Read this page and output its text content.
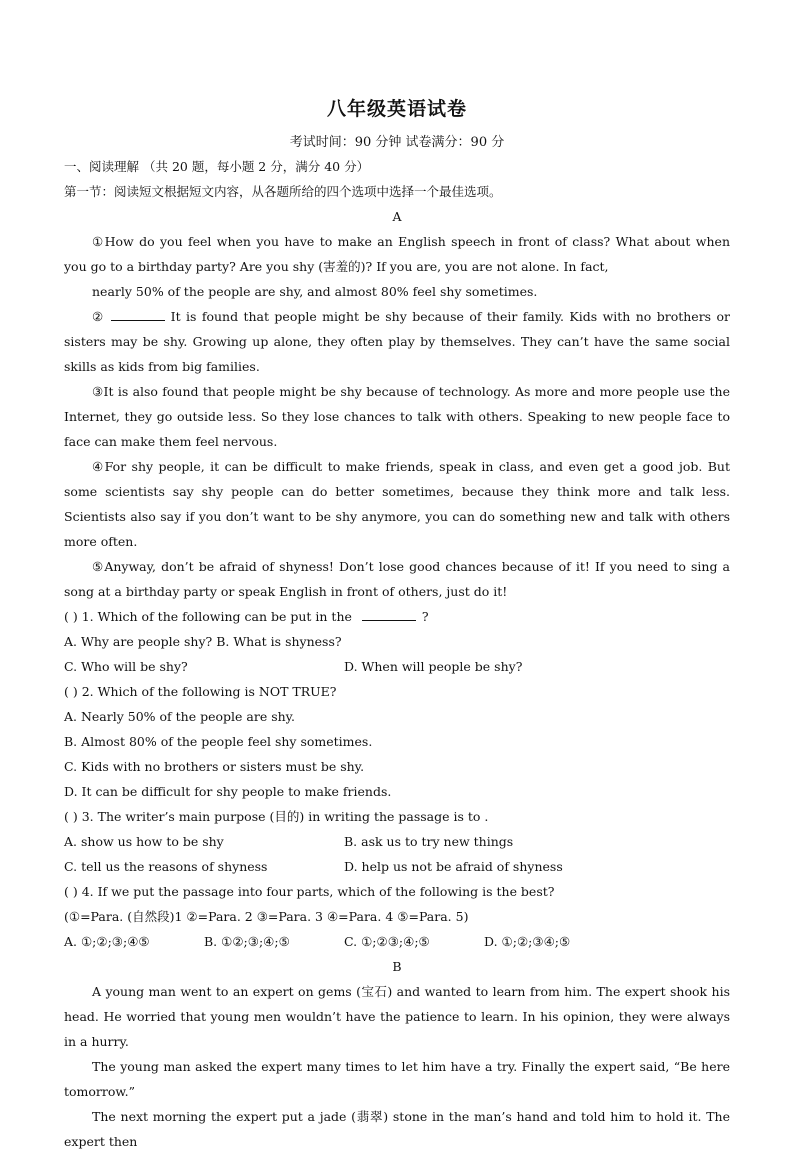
八年级英语试卷
考试时间：90 分钟 试卷满分：90 分

一、阅读理解 （共 20 题，每小题 2 分，满分 40 分）

第一节：阅读短文根据短文内容，从各题所给的四个选项中选择一个最佳选项。

A

①How do you feel when you have to make an English speech in front of class? What about when you go to a birthday party? Are you shy (害羞的)? If you are, you are not alone. In fact,

nearly 50% of the people are shy, and almost 80% feel shy sometimes.

②	It is found that people might be shy because of their family. Kids with no brothers or sisters may be shy. Growing up alone, they often play by themselves. They can’t have the same social skills as kids from big families.

③It is also found that people might be shy because of technology. As more and more people use the Internet, they go outside less. So they lose chances to talk with others. Speaking to new people face to face can make them feel nervous.

④For shy people, it can be difficult to make friends, speak in class, and even get a good job. But some scientists say shy people can do better sometimes, because they think more and talk less. Scientists also say if you don’t want to be shy anymore, you can do something new and talk with others more often.

⑤Anyway, don’t be afraid of shyness! Don’t lose good chances because of it! If you need to sing a song at a birthday party or speak English in front of others, just do it!

( ) 1. Which of the following can be put in the	?

A. Why are people shy? B. What is shyness?

C. Who will be shy?	D. When will people be shy?

( ) 2. Which of the following is NOT TRUE?

A. Nearly 50% of the people are shy.

B. Almost 80% of the people feel shy sometimes.

C. Kids with no brothers or sisters must be shy.

D. It can be difficult for shy people to make friends.

( ) 3. The writer’s main purpose (目的) in writing the passage is to .

A. show us how to be shy	B. ask us to try new things
C. tell us the reasons of shyness	D. help us not be afraid of shyness

( ) 4. If we put the passage into four parts, which of the following is the best?

(①=Para. (自然段)1 ②=Para. 2 ③=Para. 3 ④=Para. 4 ⑤=Para. 5)

A. ①;②;③;④⑤	B. ①②;③;④;⑤	C. ①;②③;④;⑤	D. ①;②;③④;⑤

B

A young man went to an expert on gems (宝石) and wanted to learn from him. The expert shook his head. He worried that young men wouldn’t have the patience to learn. In his opinion, they were always in a hurry.

The young man asked the expert many times to let him have a try. Finally the expert said, “Be here tomorrow.”

The next morning the expert put a jade (翡翠) stone in the man’s hand and told him to hold it. The expert then
